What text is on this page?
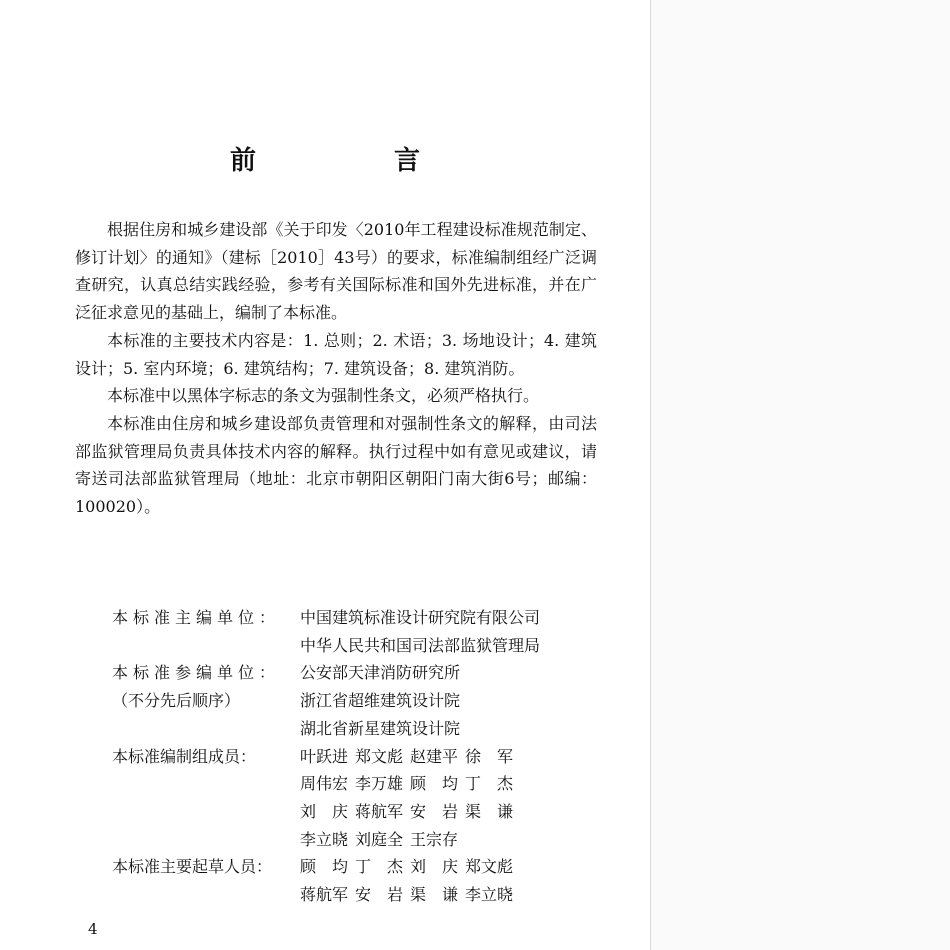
前　言

根据住房和城乡建设部《关于印发〈2010年工程建设标准规范制定、修订计划〉的通知》（建标［2010］43号）的要求，标准编制组经广泛调查研究，认真总结实践经验，参考有关国际标准和国外先进标准，并在广泛征求意见的基础上，编制了本标准。

本标准的主要技术内容是：1. 总则；2. 术语；3. 场地设计；4. 建筑设计；5. 室内环境；6. 建筑结构；7. 建筑设备；8. 建筑消防。

本标准中以黑体字标志的条文为强制性条文，必须严格执行。

本标准由住房和城乡建设部负责管理和对强制性条文的解释，由司法部监狱管理局负责具体技术内容的解释。执行过程中如有意见或建议，请寄送司法部监狱管理局（地址：北京市朝阳区朝阳门南大街6号；邮编：100020）。

本标准主编单位：	中国建筑标准设计研究院有限公司
中华人民共和国司法部监狱管理局
本标准参编单位：	公安部天津消防研究所
（不分先后顺序）	浙江省超维建筑设计院
湖北省新星建筑设计院
本标准编制组成员：	叶跃进 郑文彪 赵建平 徐　军
周伟宏 李万雄 顾　均 丁　杰
刘　庆 蒋航军 安　岩 渠　谦
李立晓 刘庭全 王宗存
本标准主要起草人员：	顾　均 丁　杰 刘　庆 郑文彪
蒋航军 安　岩 渠　谦 李立晓
4
